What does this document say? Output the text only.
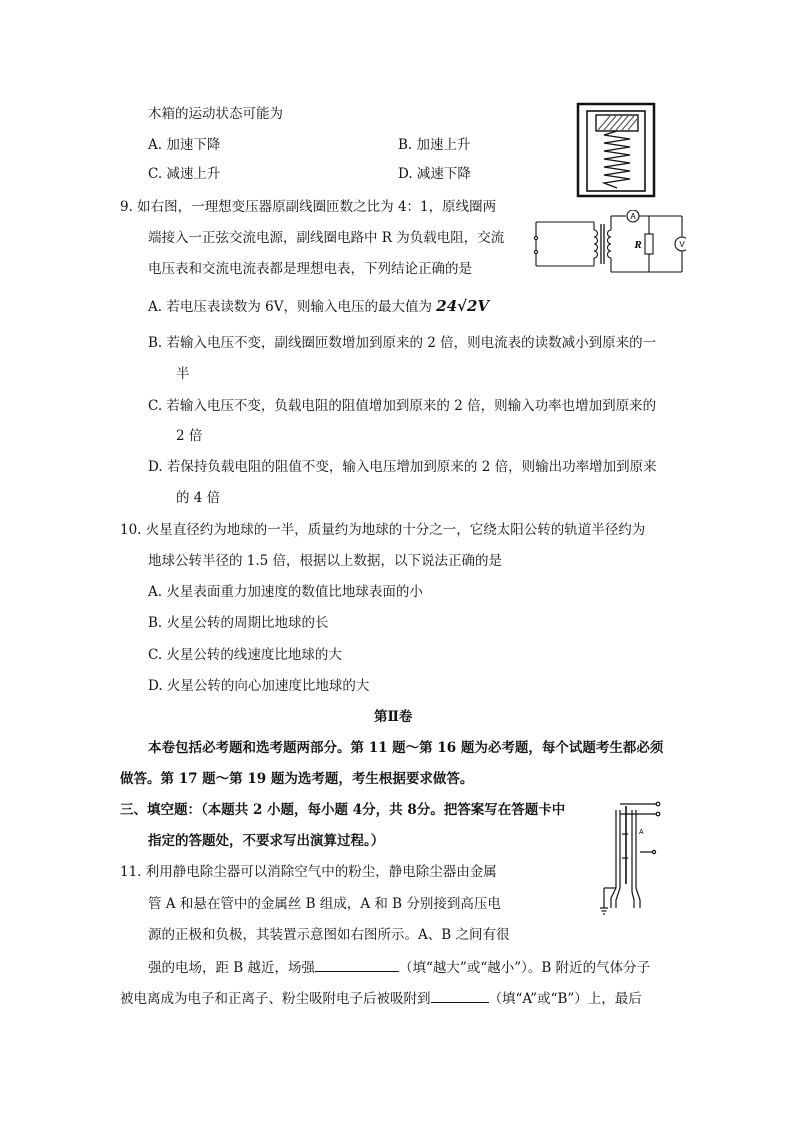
木箱的运动状态可能为
A. 加速下降	B. 加速上升
C. 减速上升	D. 减速下降
9. 如右图，一理想变压器原副线圈匝数之比为 4：1，原线圈两
端接入一正弦交流电源，副线圈电路中 R 为负载电阻，交流
电压表和交流电流表都是理想电表，下列结论正确的是
A
R	V
A. 若电压表读数为 6V，则输入电压的最大值为 24√2V
B. 若输入电压不变，副线圈匝数增加到原来的 2 倍，则电流表的读数减小到原来的一
半
C. 若输入电压不变，负载电阻的阻值增加到原来的 2 倍，则输入功率也增加到原来的
2 倍
D. 若保持负载电阻的阻值不变，输入电压增加到原来的 2 倍，则输出功率增加到原来
的 4 倍
10. 火星直径约为地球的一半，质量约为地球的十分之一，它绕太阳公转的轨道半径约为
地球公转半径的 1.5 倍，根据以上数据，以下说法正确的是
A. 火星表面重力加速度的数值比地球表面的小
B. 火星公转的周期比地球的长
C. 火星公转的线速度比地球的大
D. 火星公转的向心加速度比地球的大
第Ⅱ卷
本卷包括必考题和选考题两部分。第 11 题～第 16 题为必考题，每个试题考生都必须
做答。第 17 题～第 19 题为选考题，考生根据要求做答。
三、填空题：（本题共 2 小题，每小题 4分，共 8分。把答案写在答题卡中
指定的答题处，不要求写出演算过程。）
A
11. 利用静电除尘器可以消除空气中的粉尘，静电除尘器由金属
管 A 和悬在管中的金属丝 B 组成，A 和 B 分别接到高压电
源的正极和负极，其装置示意图如右图所示。A、B 之间有很
强的电场，距 B 越近，场强	（填“越大”或“越小”）。B 附近的气体分子
被电离成为电子和正离子、粉尘吸附电子后被吸附到	（填“A”或“B”）上，最后
